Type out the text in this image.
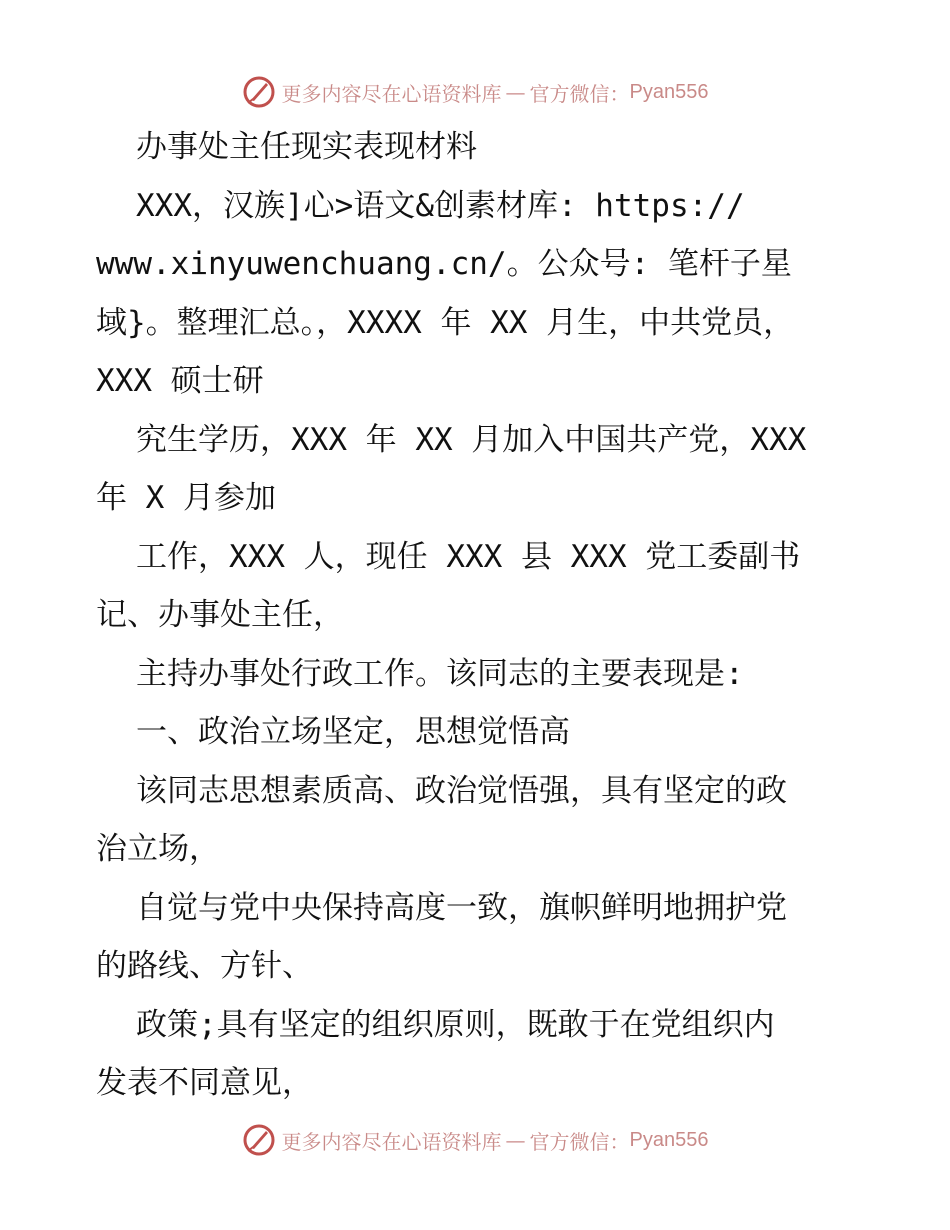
更多内容尽在心语资料库 — 官方微信： Pyan556
办事处主任现实表现材料
XXX，汉族]心>语文&创素材库: https://
www.xinyuwenchuang.cn/。公众号: 笔杆子星
域}。整理汇总。，XXXX 年 XX 月生，中共党员，
XXX 硕士研
究生学历，XXX 年 XX 月加入中国共产党，XXX
年 X 月参加
工作，XXX 人，现任 XXX 县 XXX 党工委副书
记、办事处主任，
主持办事处行政工作。该同志的主要表现是:
一、政治立场坚定，思想觉悟高
该同志思想素质高、政治觉悟强，具有坚定的政
治立场，
自觉与党中央保持高度一致，旗帜鲜明地拥护党
的路线、方针、
政策;具有坚定的组织原则，既敢于在党组织内
发表不同意见，
更多内容尽在心语资料库 — 官方微信： Pyan556
